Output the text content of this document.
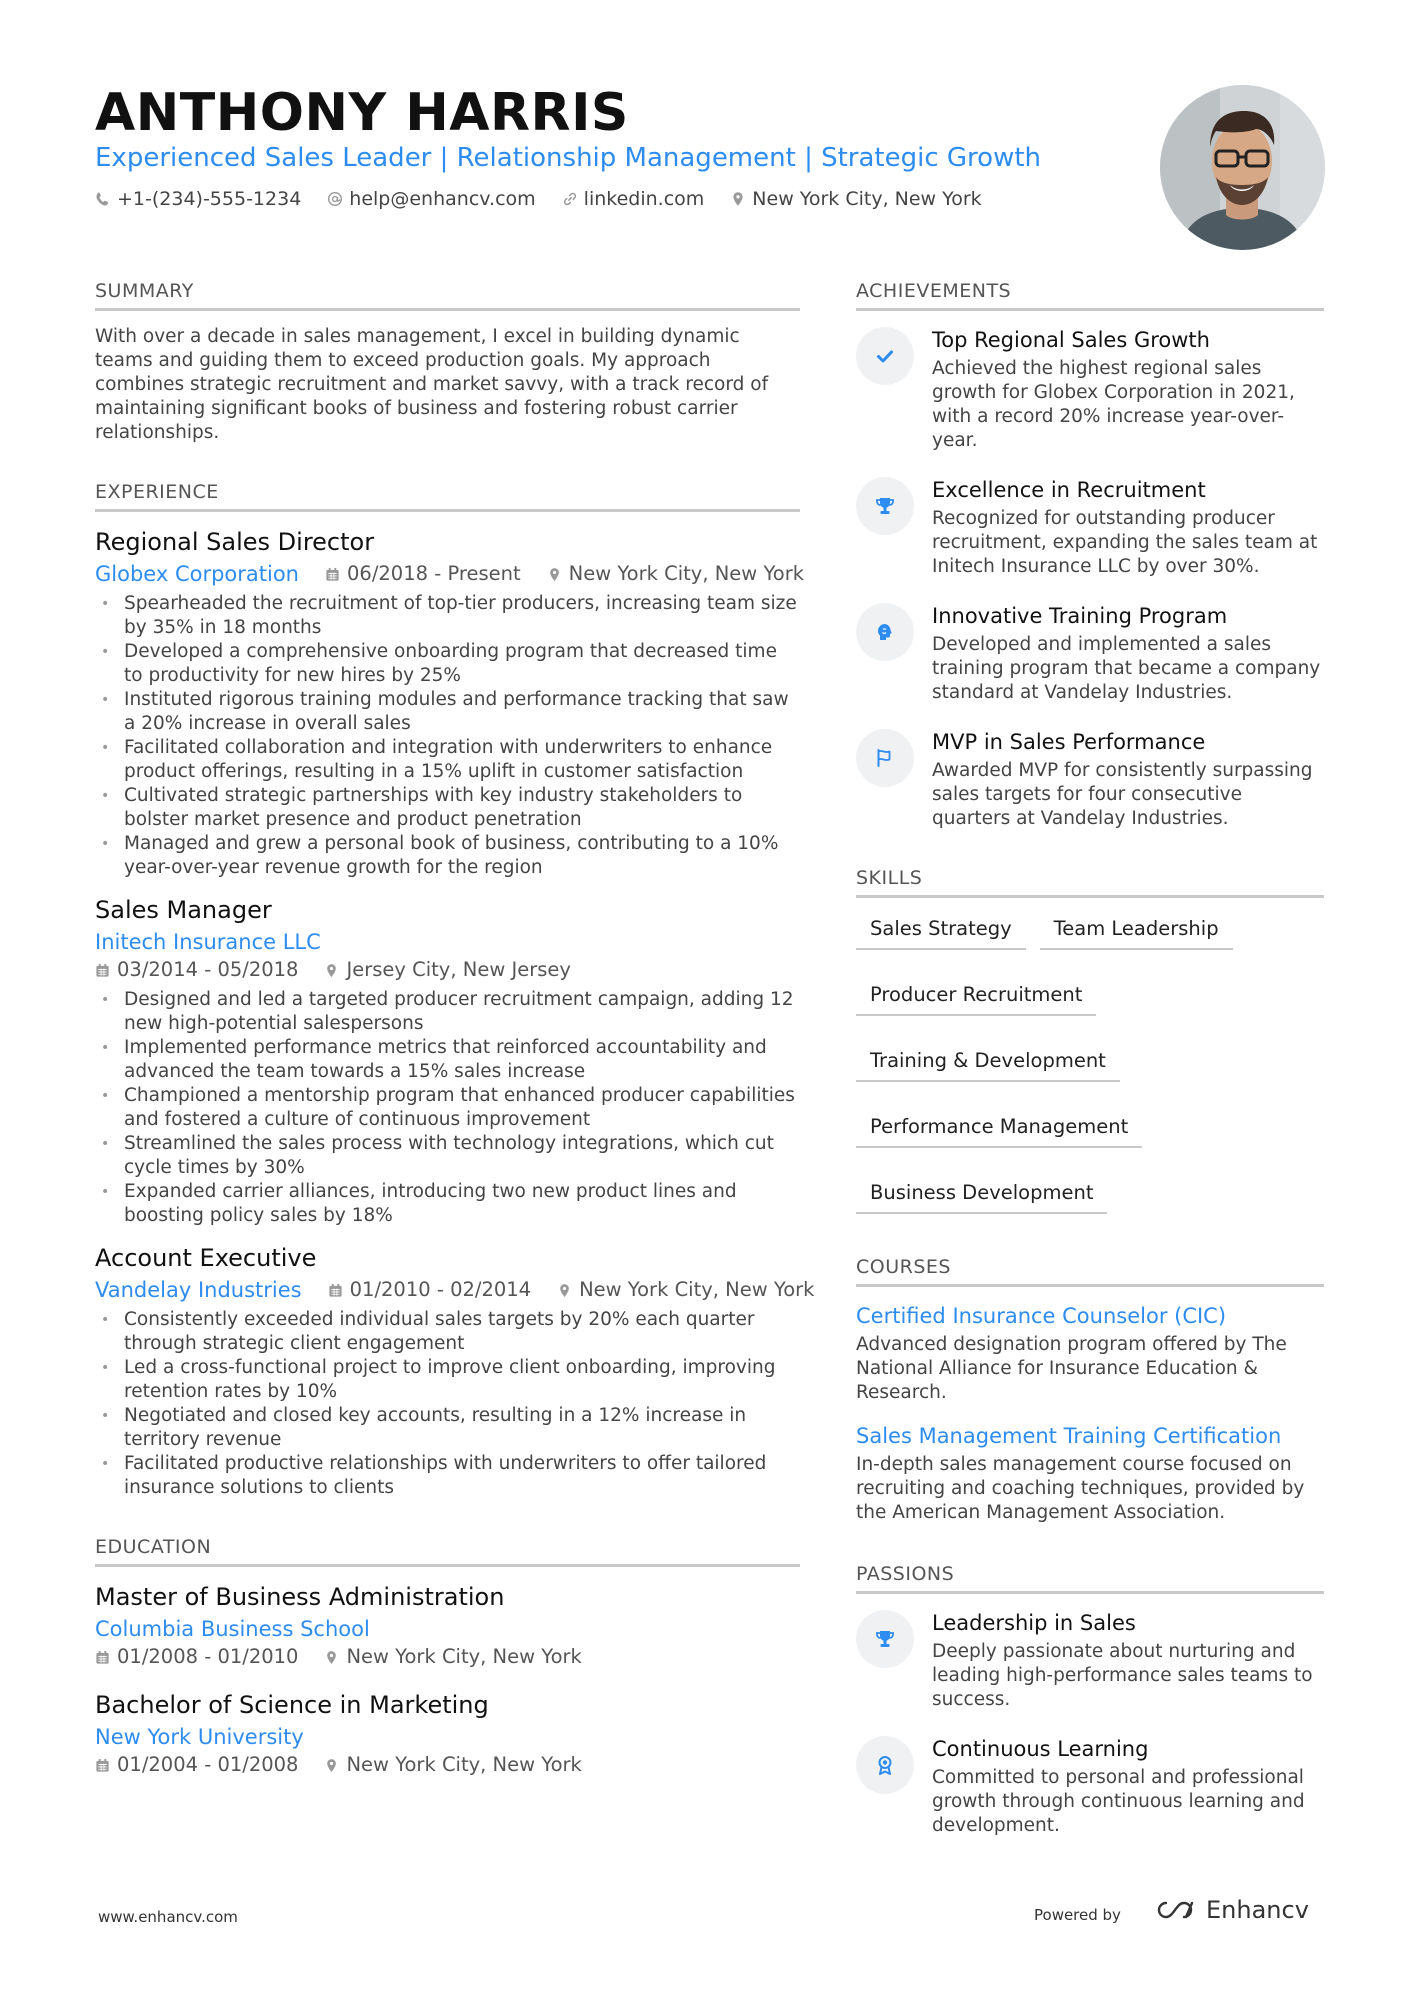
ANTHONY HARRIS
Experienced Sales Leader | Relationship Management | Strategic Growth
+1-(234)-555-1234	help@enhancv.com	linkedin.com	New York City, New York
SUMMARY
With over a decade in sales management, I excel in building dynamic teams and guiding them to exceed production goals. My approach combines strategic recruitment and market savvy, with a track record of maintaining significant books of business and fostering robust carrier relationships.
EXPERIENCE
Regional Sales Director
Globex Corporation 06/2018 - Present New York City, New York
• Spearheaded the recruitment of top-tier producers, increasing team size by 35% in 18 months
• Developed a comprehensive onboarding program that decreased time to productivity for new hires by 25%
• Instituted rigorous training modules and performance tracking that saw a 20% increase in overall sales
• Facilitated collaboration and integration with underwriters to enhance product offerings, resulting in a 15% uplift in customer satisfaction
• Cultivated strategic partnerships with key industry stakeholders to bolster market presence and product penetration
• Managed and grew a personal book of business, contributing to a 10% year-over-year revenue growth for the region
Sales Manager
Initech Insurance LLC
03/2014 - 05/2018 Jersey City, New Jersey
• Designed and led a targeted producer recruitment campaign, adding 12 new high-potential salespersons
• Implemented performance metrics that reinforced accountability and advanced the team towards a 15% sales increase
• Championed a mentorship program that enhanced producer capabilities and fostered a culture of continuous improvement
• Streamlined the sales process with technology integrations, which cut cycle times by 30%
• Expanded carrier alliances, introducing two new product lines and boosting policy sales by 18%
Account Executive
Vandelay Industries 01/2010 - 02/2014 New York City, New York
• Consistently exceeded individual sales targets by 20% each quarter through strategic client engagement
• Led a cross-functional project to improve client onboarding, improving retention rates by 10%
• Negotiated and closed key accounts, resulting in a 12% increase in territory revenue
• Facilitated productive relationships with underwriters to offer tailored insurance solutions to clients
EDUCATION
Master of Business Administration
Columbia Business School
01/2008 - 01/2010 New York City, New York
Bachelor of Science in Marketing
New York University
01/2004 - 01/2008 New York City, New York
ACHIEVEMENTS
Top Regional Sales Growth
Achieved the highest regional sales growth for Globex Corporation in 2021, with a record 20% increase year-over-year.
Excellence in Recruitment
Recognized for outstanding producer recruitment, expanding the sales team at Initech Insurance LLC by over 30%.
Innovative Training Program
Developed and implemented a sales training program that became a company standard at Vandelay Industries.
MVP in Sales Performance
Awarded MVP for consistently surpassing sales targets for four consecutive quarters at Vandelay Industries.
SKILLS
Sales Strategy	Team Leadership
Producer Recruitment
Training & Development
Performance Management
Business Development
COURSES
Certified Insurance Counselor (CIC)
Advanced designation program offered by The National Alliance for Insurance Education & Research.
Sales Management Training Certification
In-depth sales management course focused on recruiting and coaching techniques, provided by the American Management Association.
PASSIONS
Leadership in Sales
Deeply passionate about nurturing and leading high-performance sales teams to success.
Continuous Learning
Committed to personal and professional growth through continuous learning and development.
www.enhancv.com	Powered by	Enhancv
